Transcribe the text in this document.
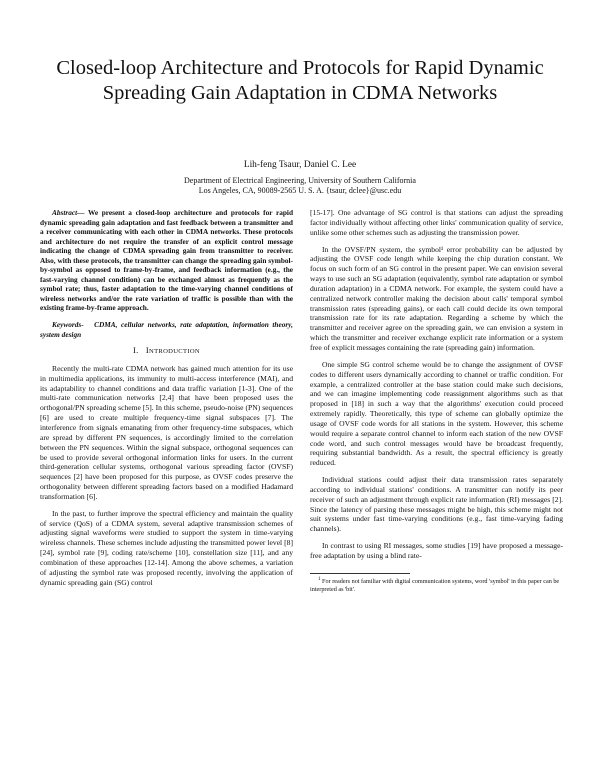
Closed-loop Architecture and Protocols for Rapid Dynamic Spreading Gain Adaptation in CDMA Networks
Lih-feng Tsaur, Daniel C. Lee
Department of Electrical Engineering, University of Southern California
Los Angeles, CA, 90089-2565 U. S. A. {tsaur, dclee}@usc.edu

Abstract— We present a closed-loop architecture and protocols for rapid dynamic spreading gain adaptation and fast feedback between a transmitter and a receiver communicating with each other in CDMA networks. These protocols and architecture do not require the transfer of an explicit control message indicating the change of CDMA spreading gain from transmitter to receiver. Also, with these protocols, the transmitter can change the spreading gain symbol-by-symbol as opposed to frame-by-frame, and feedback information (e.g., the fast-varying channel condition) can be exchanged almost as frequently as the symbol rate; thus, faster adaptation to the time-varying channel conditions of wireless networks and/or the rate variation of traffic is possible than with the existing frame-by-frame approach.

Keywords- CDMA, cellular networks, rate adaptation, information theory, system design

I. INTRODUCTION

Recently the multi-rate CDMA network has gained much attention for its use in multimedia applications, its immunity to multi-access interference (MAI), and its adaptability to channel conditions and data traffic variation [1-3]. One of the multi-rate communication networks [2,4] that have been proposed uses the orthogonal/PN spreading scheme [5]. In this scheme, pseudo-noise (PN) sequences [6] are used to create multiple frequency-time signal subspaces [7]. The interference from signals emanating from other frequency-time subspaces, which are spread by different PN sequences, is accordingly limited to the correlation between the PN sequences. Within the signal subspace, orthogonal sequences can be used to provide several orthogonal information links for users. In the current third-generation cellular systems, orthogonal various spreading factor (OVSF) sequences [2] have been proposed for this purpose, as OVSF codes preserve the orthogonality between different spreading factors based on a modified Hadamard transformation [6].

In the past, to further improve the spectral efficiency and maintain the quality of service (QoS) of a CDMA system, several adaptive transmission schemes of adjusting signal waveforms were studied to support the system in time-varying wireless channels. These schemes include adjusting the transmitted power level [8][24], symbol rate [9], coding rate/scheme [10], constellation size [11], and any combination of these approaches [12-14]. Among the above schemes, a variation of adjusting the symbol rate was proposed recently, involving the application of dynamic spreading gain (SG) control

[15-17]. One advantage of SG control is that stations can adjust the spreading factor individually without affecting other links' communication quality of service, unlike some other schemes such as adjusting the transmission power.

In the OVSF/PN system, the symbol¹ error probability can be adjusted by adjusting the OVSF code length while keeping the chip duration constant. We focus on such form of an SG control in the present paper. We can envision several ways to use such an SG adaptation (equivalently, symbol rate adaptation or symbol duration adaptation) in a CDMA network. For example, the system could have a centralized network controller making the decision about calls' temporal symbol transmission rates (spreading gains), or each call could decide its own temporal transmission rate for its rate adaptation. Regarding a scheme by which the transmitter and receiver agree on the spreading gain, we can envision a system in which the transmitter and receiver exchange explicit rate information or a system free of explicit messages containing the rate (spreading gain) information.

One simple SG control scheme would be to change the assignment of OVSF codes to different users dynamically according to channel or traffic condition. For example, a centralized controller at the base station could make such decisions, and we can imagine implementing code reassignment algorithms such as that proposed in [18] in such a way that the algorithms' execution could proceed extremely rapidly. Theoretically, this type of scheme can globally optimize the usage of OVSF code words for all stations in the system. However, this scheme would require a separate control channel to inform each station of the new OVSF code word, and such control messages would have be broadcast frequently, requiring substantial bandwidth. As a result, the spectral efficiency is greatly reduced.

Individual stations could adjust their data transmission rates separately according to individual stations' conditions. A transmitter can notify its peer receiver of such an adjustment through explicit rate information (RI) messages [2]. Since the latency of parsing these messages might be high, this scheme might not suit systems under fast time-varying conditions (e.g., fast time-varying fading channels).

In contrast to using RI messages, some studies [19] have proposed a message-free adaptation by using a blind rate-

$^1$ For readers not familiar with digital communication systems, word 'symbol' in this paper can be interpreted as 'bit'.
